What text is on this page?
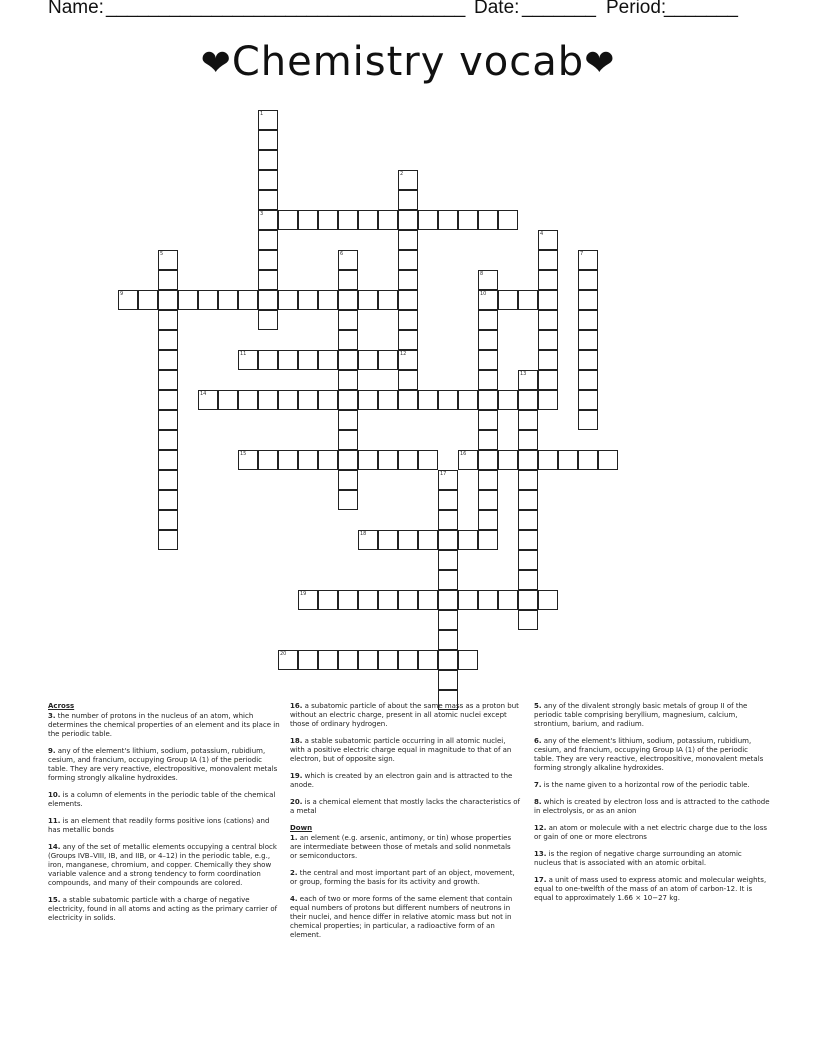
Name: __________________________________ Date: _______ Period:
_______
❤Chemistry vocab❤
1
3
2
12
4
5	6	7
8
10
9
11
13
14
15	16
17
18
19
20
Across
3. the number of protons in the nucleus of an atom, which determines the chemical properties of an element and its place in the periodic table.
9. any of the element's lithium, sodium, potassium, rubidium, cesium, and francium, occupying Group IA (1) of the periodic table. They are very reactive, electropositive, monovalent metals forming strongly alkaline hydroxides.
10. is a column of elements in the periodic table of the chemical elements.
11. is an element that readily forms positive ions (cations) and has metallic bonds
14. any of the set of metallic elements occupying a central block (Groups IVB–VIII, IB, and IIB, or 4–12) in the periodic table, e.g., iron, manganese, chromium, and copper. Chemically they show variable valence and a strong tendency to form coordination compounds, and many of their compounds are colored.
15. a stable subatomic particle with a charge of negative electricity, found in all atoms and acting as the primary carrier of electricity in solids.
16. a subatomic particle of about the same mass as a proton but without an electric charge, present in all atomic nuclei except those of ordinary hydrogen.
18. a stable subatomic particle occurring in all atomic nuclei, with a positive electric charge equal in magnitude to that of an electron, but of opposite sign.
19. which is created by an electron gain and is attracted to the anode.
20. is a chemical element that mostly lacks the characteristics of a metal
Down
1. an element (e.g. arsenic, antimony, or tin) whose properties are intermediate between those of metals and solid nonmetals or semiconductors.
2. the central and most important part of an object, movement, or group, forming the basis for its activity and growth.
4. each of two or more forms of the same element that contain equal numbers of protons but different numbers of neutrons in their nuclei, and hence differ in relative atomic mass but not in chemical properties; in particular, a radioactive form of an element.
5. any of the divalent strongly basic metals of group II of the periodic table comprising beryllium, magnesium, calcium, strontium, barium, and radium.
6. any of the element's lithium, sodium, potassium, rubidium, cesium, and francium, occupying Group IA (1) of the periodic table. They are very reactive, electropositive, monovalent metals forming strongly alkaline hydroxides.
7. is the name given to a horizontal row of the periodic table.
8. which is created by electron loss and is attracted to the cathode in electrolysis, or as an anion
12. an atom or molecule with a net electric charge due to the loss or gain of one or more electrons
13. is the region of negative charge surrounding an atomic nucleus that is associated with an atomic orbital.
17. a unit of mass used to express atomic and molecular weights, equal to one-twelfth of the mass of an atom of carbon-12. It is equal to approximately 1.66 × 10−27 kg.
